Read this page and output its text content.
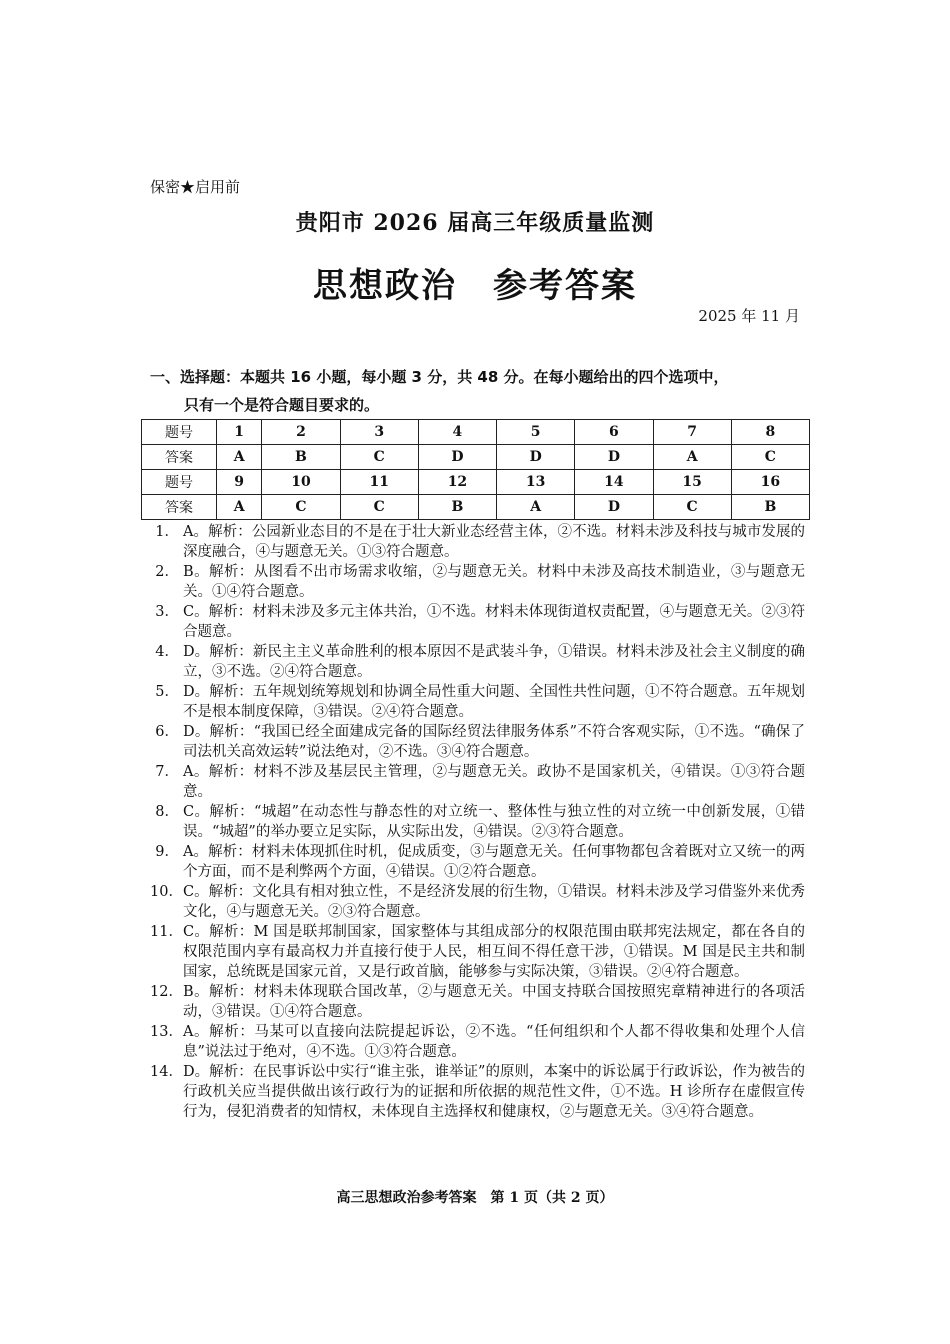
保密★启用前
贵阳市 2026 届高三年级质量监测
思想政治　参考答案
2025 年 11 月
一、选择题：本题共 16 小题，每小题 3 分，共 48 分。在每小题给出的四个选项中，
只有一个是符合题目要求的。
题号	1	2	3	4	5	6	7	8
答案	A	B	C	D	D	D	A	C
题号	9	10	11	12	13	14	15	16
答案	A	C	C	B	A	D	C	B
1． A。解析：公园新业态目的不是在于壮大新业态经营主体，②不选。材料未涉及科技与城市发展的深度融合，④与题意无关。①③符合题意。
2． B。解析：从图看不出市场需求收缩，②与题意无关。材料中未涉及高技术制造业，③与题意无关。①④符合题意。
3． C。解析：材料未涉及多元主体共治，①不选。材料未体现街道权责配置，④与题意无关。②③符合题意。
4． D。解析：新民主主义革命胜利的根本原因不是武装斗争，①错误。材料未涉及社会主义制度的确立，③不选。②④符合题意。
5． D。解析：五年规划统筹规划和协调全局性重大问题、全国性共性问题，①不符合题意。五年规划不是根本制度保障，③错误。②④符合题意。
6． D。解析：“我国已经全面建成完备的国际经贸法律服务体系”不符合客观实际，①不选。“确保了司法机关高效运转”说法绝对，②不选。③④符合题意。
7． A。解析：材料不涉及基层民主管理，②与题意无关。政协不是国家机关，④错误。①③符合题意。
8． C。解析：“城超”在动态性与静态性的对立统一、整体性与独立性的对立统一中创新发展，①错误。“城超”的举办要立足实际，从实际出发，④错误。②③符合题意。
9． A。解析：材料未体现抓住时机，促成质变，③与题意无关。任何事物都包含着既对立又统一的两个方面，而不是利弊两个方面，④错误。①②符合题意。
10． C。解析：文化具有相对独立性，不是经济发展的衍生物，①错误。材料未涉及学习借鉴外来优秀文化，④与题意无关。②③符合题意。
11． C。解析：M 国是联邦制国家，国家整体与其组成部分的权限范围由联邦宪法规定，都在各自的权限范围内享有最高权力并直接行使于人民，相互间不得任意干涉，①错误。M 国是民主共和制国家，总统既是国家元首，又是行政首脑，能够参与实际决策，③错误。②④符合题意。
12． B。解析：材料未体现联合国改革，②与题意无关。中国支持联合国按照宪章精神进行的各项活动，③错误。①④符合题意。
13． A。解析：马某可以直接向法院提起诉讼，②不选。“任何组织和个人都不得收集和处理个人信息”说法过于绝对，④不选。①③符合题意。
14． D。解析：在民事诉讼中实行“谁主张，谁举证”的原则，本案中的诉讼属于行政诉讼，作为被告的行政机关应当提供做出该行政行为的证据和所依据的规范性文件，①不选。H 诊所存在虚假宣传行为，侵犯消费者的知情权，未体现自主选择权和健康权，②与题意无关。③④符合题意。
高三思想政治参考答案　第 1 页（共 2 页）
